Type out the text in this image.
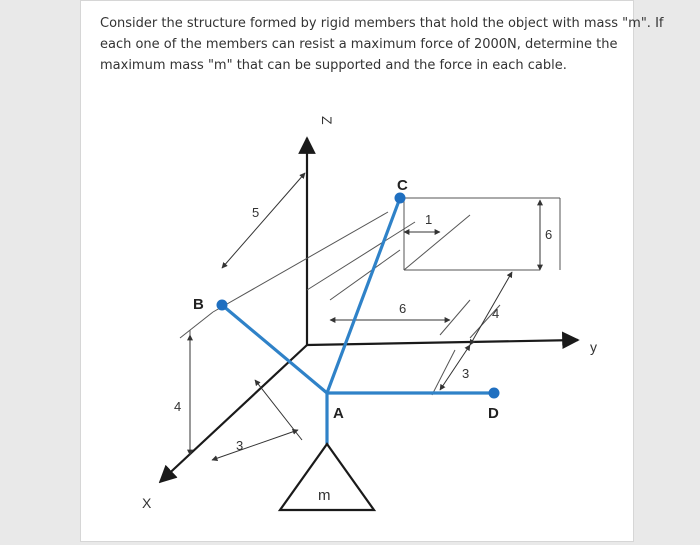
Consider the structure formed by rigid members that hold the object with mass "m". If
each one of the members can resist a maximum force of 2000N, determine the
maximum mass "m" that can be supported and the force in each cable.
Z
y
X	m
B
C
A	D
5	1
6
6	4
3
4
3
